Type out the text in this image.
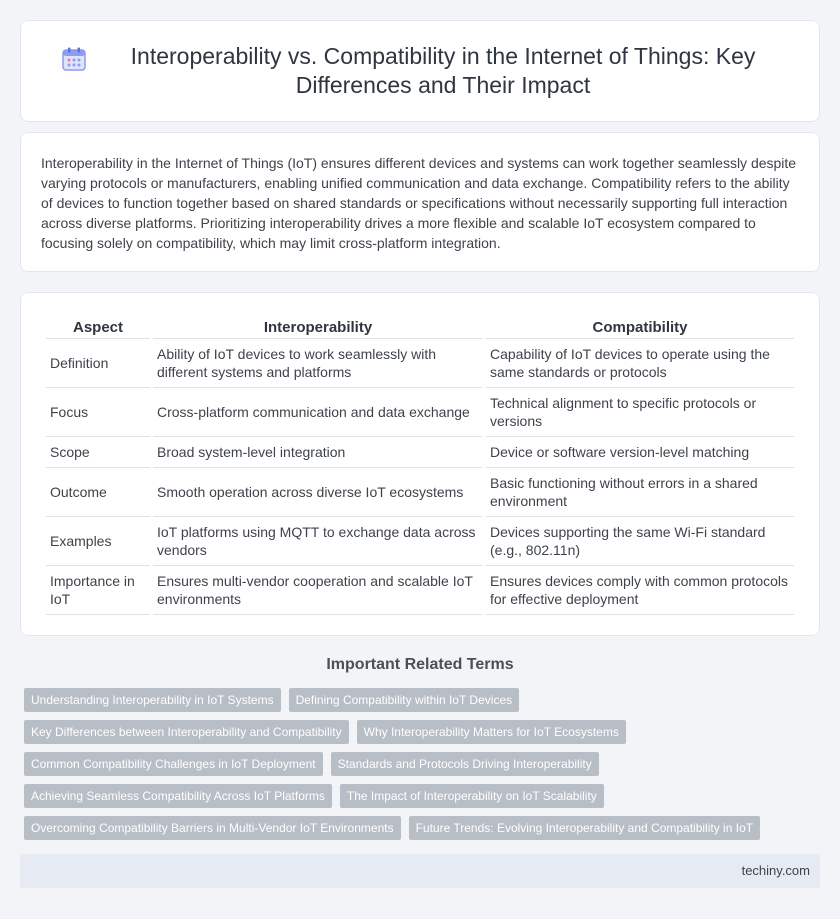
Interoperability vs. Compatibility in the Internet of Things: Key Differences and Their Impact

Interoperability in the Internet of Things (IoT) ensures different devices and systems can work together seamlessly despite varying protocols or manufacturers, enabling unified communication and data exchange. Compatibility refers to the ability of devices to function together based on shared standards or specifications without necessarily supporting full interaction across diverse platforms. Prioritizing interoperability drives a more flexible and scalable IoT ecosystem compared to focusing solely on compatibility, which may limit cross-platform integration.

Aspect	Interoperability	Compatibility
Definition	Ability of IoT devices to work seamlessly with different systems and platforms	Capability of IoT devices to operate using the same standards or protocols
Focus	Cross-platform communication and data exchange	Technical alignment to specific protocols or versions
Scope	Broad system-level integration	Device or software version-level matching
Outcome	Smooth operation across diverse IoT ecosystems	Basic functioning without errors in a shared environment
Examples	IoT platforms using MQTT to exchange data across vendors	Devices supporting the same Wi-Fi standard (e.g., 802.11n)
Importance in IoT	Ensures multi-vendor cooperation and scalable IoT environments	Ensures devices comply with common protocols for effective deployment
Important Related Terms
Understanding Interoperability in IoT Systems	Defining Compatibility within IoT Devices
Key Differences between Interoperability and Compatibility	Why Interoperability Matters for IoT Ecosystems
Common Compatibility Challenges in IoT Deployment	Standards and Protocols Driving Interoperability
Achieving Seamless Compatibility Across IoT Platforms	The Impact of Interoperability on IoT Scalability
Overcoming Compatibility Barriers in Multi-Vendor IoT Environments	Future Trends: Evolving Interoperability and Compatibility in IoT
techiny.com
